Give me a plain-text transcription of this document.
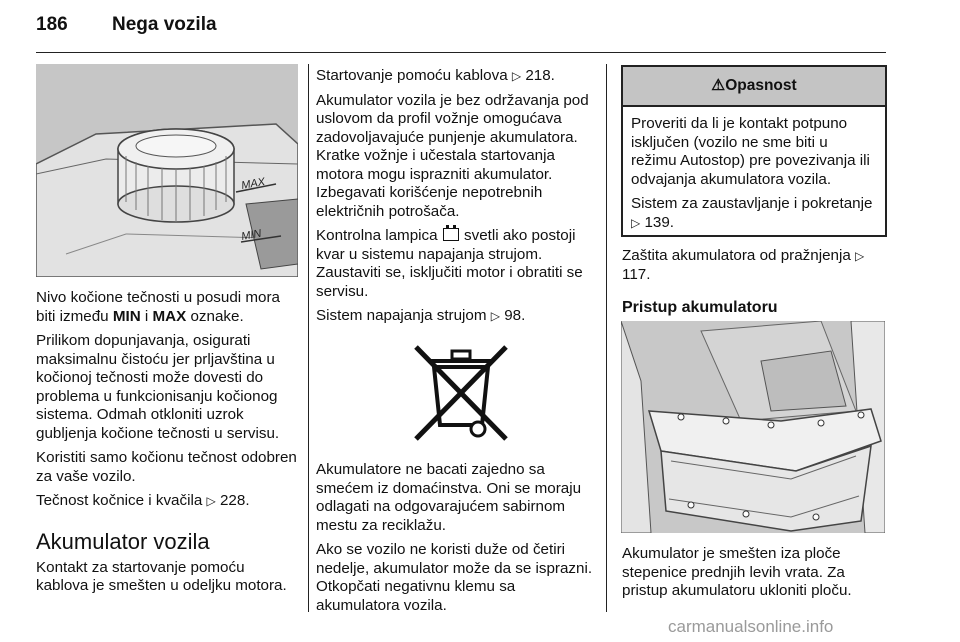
186 Nega vozila
MAX
MIN

Nivo kočione tečnosti u posudi mora biti između MIN i MAX oznake.

Prilikom dopunjavanja, osigurati maksimalnu čistoću jer prljavština u kočionoj tečnosti može dovesti do problema u funkcionisanju kočionog sistema. Odmah otkloniti uzrok gubljenja kočione tečnosti u servisu.

Koristiti samo kočionu tečnost odobren za vaše vozilo.

Tečnost kočnice i kvačila ▷ 228.

Akumulator vozila

Kontakt za startovanje pomoću kablova je smešten u odeljku motora.

Startovanje pomoću kablova ▷ 218.

Akumulator vozila je bez održavanja pod uslovom da profil vožnje omogućava zadovoljavajuće punjenje akumulatora. Kratke vožnje i učestala startovanja motora mogu isprazniti akumulator. Izbegavati korišćenje nepotrebnih električnih potrošača.

Kontrolna lampica
svetli ako postoji kvar u sistemu napajanja strujom. Zaustaviti se, isključiti motor i obratiti se servisu.

Sistem napajanja strujom ▷ 98.

Akumulatore ne bacati zajedno sa smećem iz domaćinstva. Oni se moraju odlagati na odgovarajućem sabirnom mestu za reciklažu.

Ako se vozilo ne koristi duže od četiri nedelje, akumulator može da se isprazni. Otkopčati negativnu klemu sa akumulatora vozila.

⚠Opasnost

Proveriti da li je kontakt potpuno isključen (vozilo ne sme biti u režimu Autostop) pre povezivanja ili odvajanja akumulatora vozila.

Sistem za zaustavljanje i pokretanje ▷ 139.

Zaštita akumulatora od pražnjenja ▷ 117.

Pristup akumulatoru

Akumulator je smešten iza ploče stepenice prednjih levih vrata. Za pristup akumulatoru ukloniti ploču.

carmanualsonline.info
